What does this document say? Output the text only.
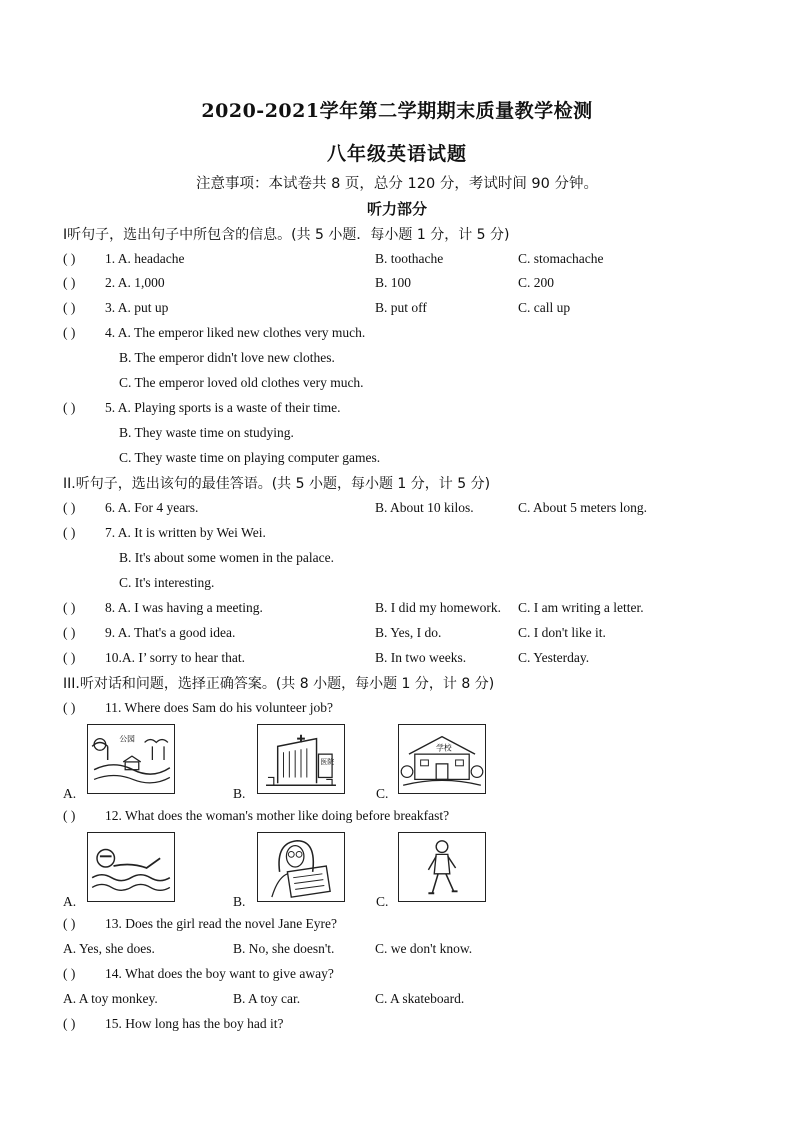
2020-2021学年第二学期期末质量教学检测
八年级英语试题
注意事项：本试卷共 8 页，总分 120 分，考试时间 90 分钟。
听力部分
I听句子，选出句子中所包含的信息。(共 5 小题．每小题 1 分，计 5 分)
( ) 1. A. headache	B. toothache	C. stomachache
( ) 2. A. 1,000	B. 100	C. 200
( ) 3. A. put up	B. put off	C. call up
( ) 4. A. The emperor liked new clothes very much.
B. The emperor didn't love new clothes.
C. The emperor loved old clothes very much.
( ) 5. A. Playing sports is a waste of their time.
B. They waste time on studying.
C. They waste time on playing computer games.
II.听句子，选出该句的最佳答语。(共 5 小题，每小题 1 分，计 5 分)
( ) 6. A. For 4 years.	B. About 10 kilos.	C. About 5 meters long.
( ) 7. A. It is written by Wei Wei.
B. It's about some women in the palace.
C. It's interesting.
( ) 8. A. I was having a meeting.	B. I did my homework. C. I am writing a letter.
( ) 9. A. That's a good idea.	B. Yes, I do.	C. I don't like it.
( ) 10.A. I’ sorry to hear that.	B. In two weeks.	C. Yesterday.
III.听对话和问题，选择正确答案。(共 8 小题，每小题 1 分，计 8 分)
( ) 11. Where does Sam do his volunteer job?
A.
公园
B.
医院
C.
学校
( ) 12. What does the woman's mother like doing before breakfast?
A.	B.	C.
( ) 13. Does the girl read the novel Jane Eyre?
A. Yes, she does.	B. No, she doesn't.	C. we don't know.
( ) 14. What does the boy want to give away?
A. A toy monkey.	B. A toy car.	C. A skateboard.
( ) 15. How long has the boy had it?
